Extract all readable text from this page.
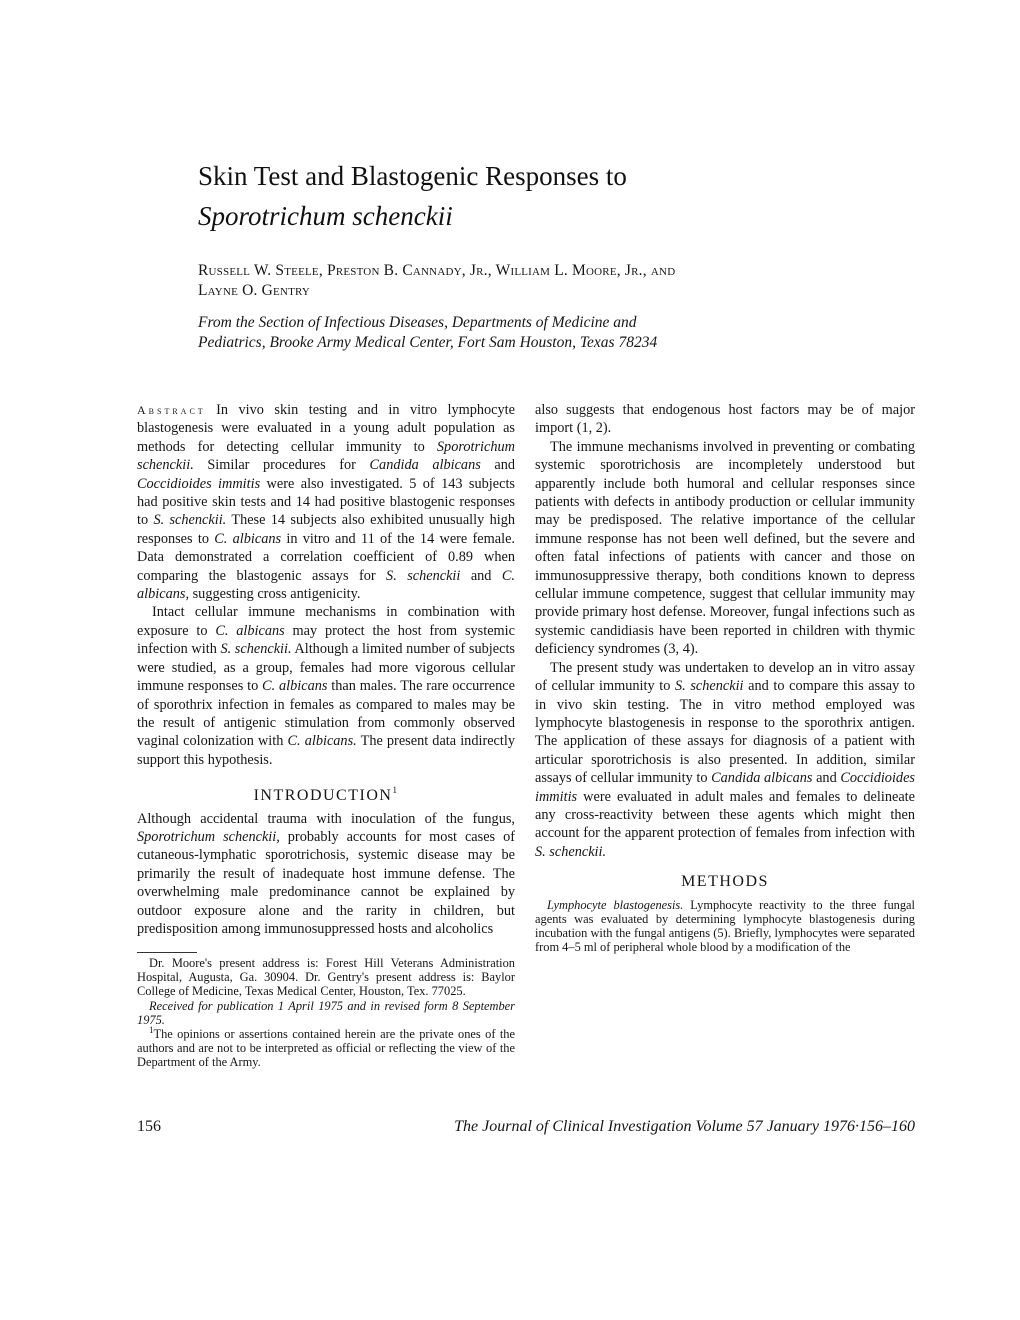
Skin Test and Blastogenic Responses to
Sporotrichum schenckii
Russell W. Steele, Preston B. Cannady, Jr., William L. Moore, Jr., and
Layne O. Gentry
From the Section of Infectious Diseases, Departments of Medicine and
Pediatrics, Brooke Army Medical Center, Fort Sam Houston, Texas 78234

Abstract In vivo skin testing and in vitro lymphocyte blastogenesis were evaluated in a young adult population as methods for detecting cellular immunity to Sporotrichum schenckii. Similar procedures for Candida albicans and Coccidioides immitis were also investigated. 5 of 143 subjects had positive skin tests and 14 had positive blastogenic responses to S. schenckii. These 14 subjects also exhibited unusually high responses to C. albicans in vitro and 11 of the 14 were female. Data demonstrated a correlation coefficient of 0.89 when comparing the blastogenic assays for S. schenckii and C. albicans, suggesting cross antigenicity.

Intact cellular immune mechanisms in combination with exposure to C. albicans may protect the host from systemic infection with S. schenckii. Although a limited number of subjects were studied, as a group, females had more vigorous cellular immune responses to C. albicans than males. The rare occurrence of sporothrix infection in females as compared to males may be the result of antigenic stimulation from commonly observed vaginal colonization with C. albicans. The present data indirectly support this hypothesis.

INTRODUCTION$^1$

Although accidental trauma with inoculation of the fungus, Sporotrichum schenckii, probably accounts for most cases of cutaneous-lymphatic sporotrichosis, systemic disease may be primarily the result of inadequate host immune defense. The overwhelming male predominance cannot be explained by outdoor exposure alone and the rarity in children, but predisposition among immunosuppressed hosts and alcoholics

also suggests that endogenous host factors may be of major import (1, 2).

The immune mechanisms involved in preventing or combating systemic sporotrichosis are incompletely understood but apparently include both humoral and cellular responses since patients with defects in antibody production or cellular immunity may be predisposed. The relative importance of the cellular immune response has not been well defined, but the severe and often fatal infections of patients with cancer and those on immunosuppressive therapy, both conditions known to depress cellular immune competence, suggest that cellular immunity may provide primary host defense. Moreover, fungal infections such as systemic candidiasis have been reported in children with thymic deficiency syndromes (3, 4).

The present study was undertaken to develop an in vitro assay of cellular immunity to S. schenckii and to compare this assay to in vivo skin testing. The in vitro method employed was lymphocyte blastogenesis in response to the sporothrix antigen. The application of these assays for diagnosis of a patient with articular sporotrichosis is also presented. In addition, similar assays of cellular immunity to Candida albicans and Coccidioides immitis were evaluated in adult males and females to delineate any cross-reactivity between these agents which might then account for the apparent protection of females from infection with S. schenckii.

METHODS

Lymphocyte blastogenesis. Lymphocyte reactivity to the three fungal agents was evaluated by determining lymphocyte blastogenesis during incubation with the fungal antigens (5). Briefly, lymphocytes were separated from 4–5 ml of peripheral whole blood by a modification of the

Dr. Moore's present address is: Forest Hill Veterans Administration Hospital, Augusta, Ga. 30904. Dr. Gentry's present address is: Baylor College of Medicine, Texas Medical Center, Houston, Tex. 77025.

Received for publication 1 April 1975 and in revised form 8 September 1975.

$^1$The opinions or assertions contained herein are the private ones of the authors and are not to be interpreted as official or reflecting the view of the Department of the Army.

156	The Journal of Clinical Investigation Volume 57 January 1976·156–160
